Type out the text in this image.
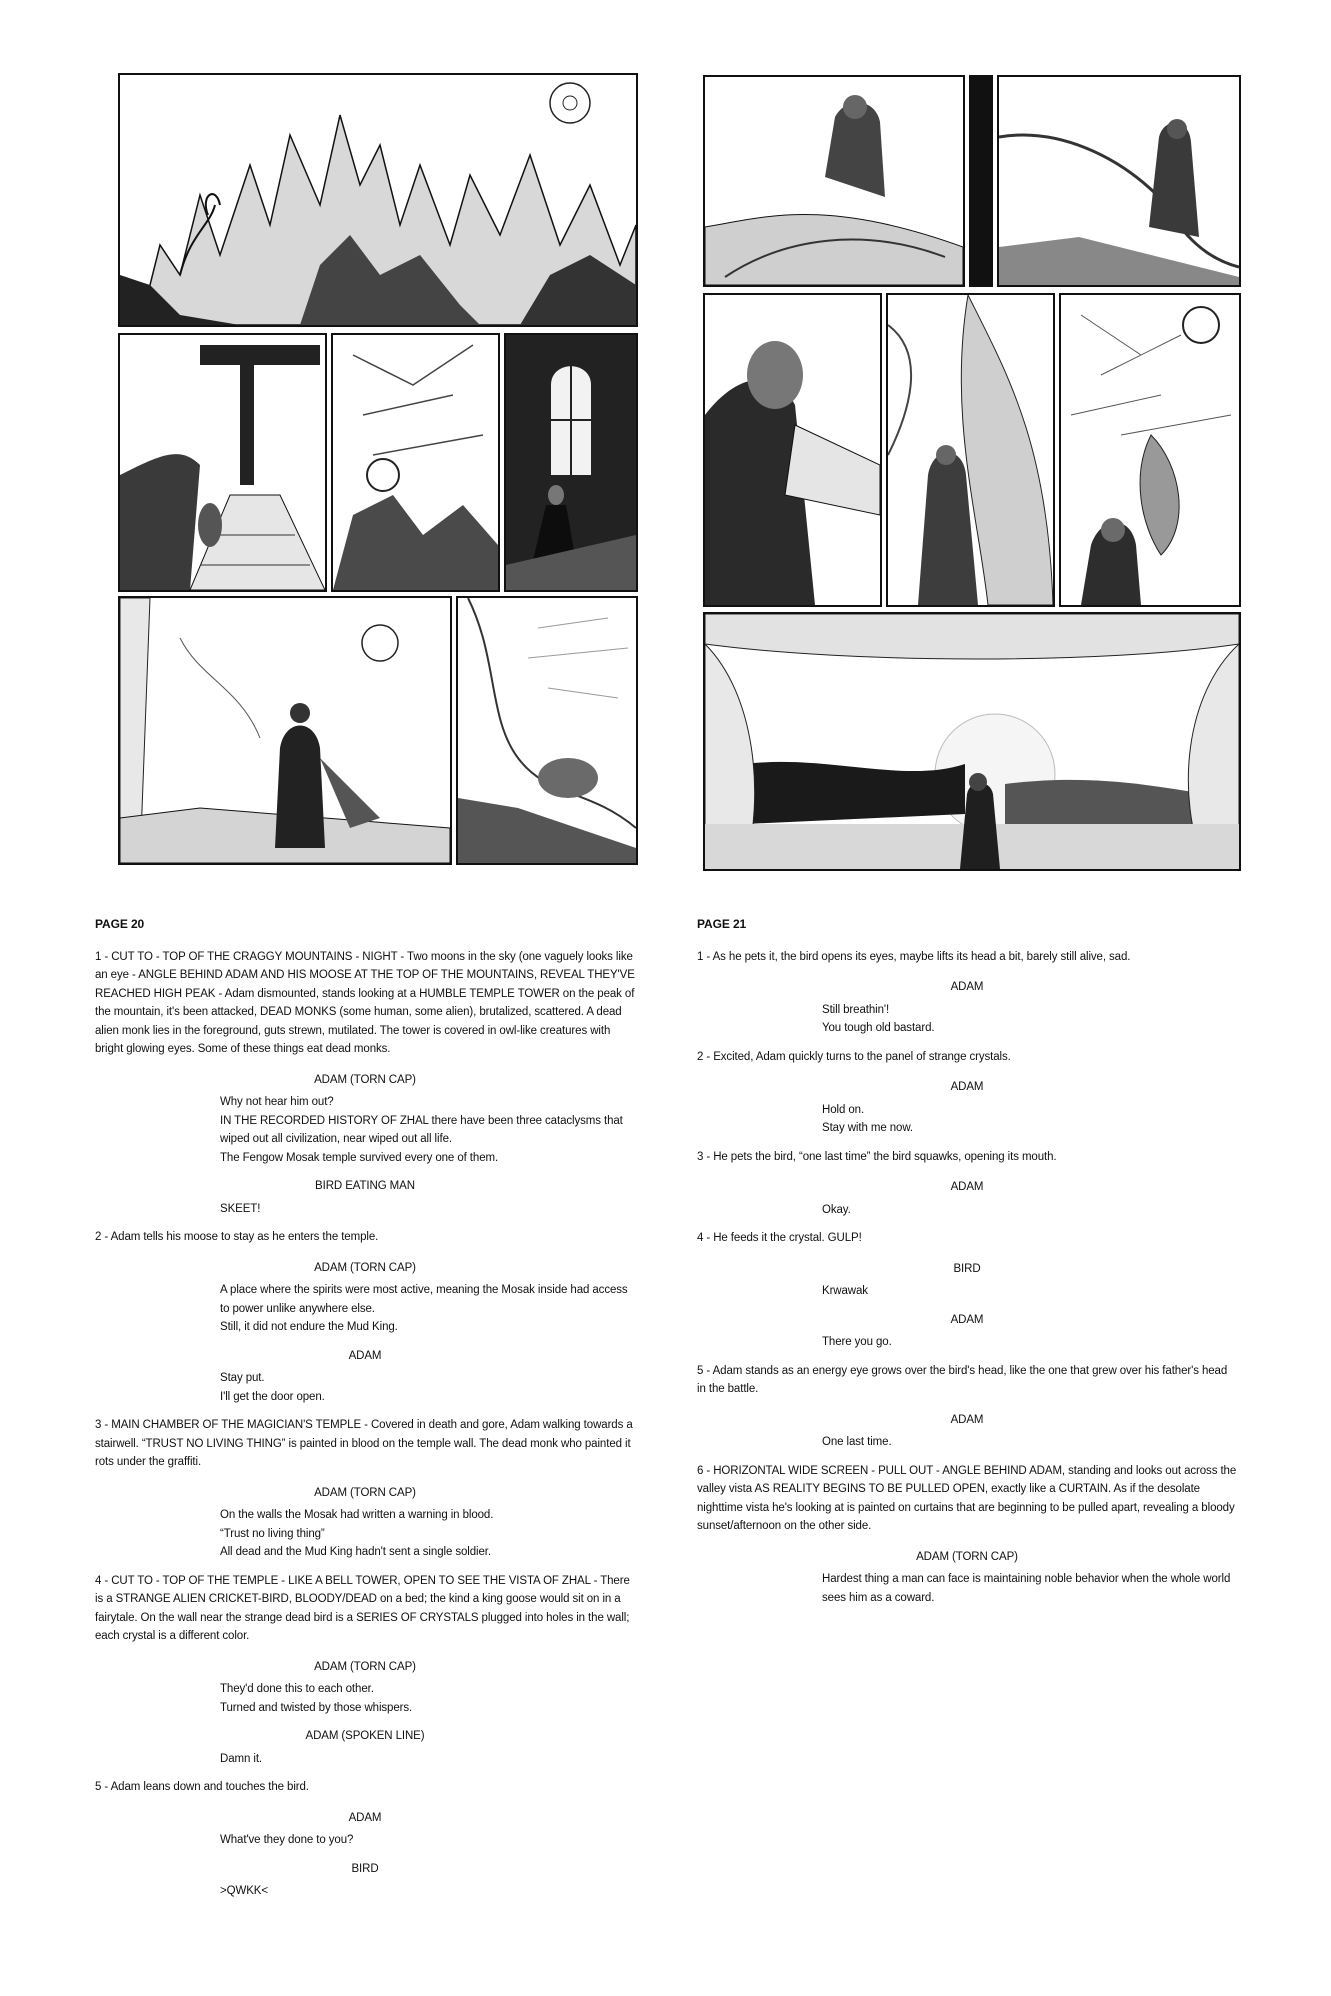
PAGE 20
1 - CUT TO - TOP OF THE CRAGGY MOUNTAINS - NIGHT - Two moons in the sky (one vaguely looks like an eye - ANGLE BEHIND ADAM AND HIS MOOSE AT THE TOP OF THE MOUNTAINS, REVEAL THEY'VE REACHED HIGH PEAK - Adam dismounted, stands looking at a HUMBLE TEMPLE TOWER on the peak of the mountain, it's been attacked, DEAD MONKS (some human, some alien), brutalized, scattered. A dead alien monk lies in the foreground, guts strewn, mutilated. The tower is covered in owl-like creatures with bright glowing eyes. Some of these things eat dead monks.
ADAM (TORN CAP)
Why not hear him out?
IN THE RECORDED HISTORY OF ZHAL there have been three cataclysms that wiped out all civilization, near wiped out all life.
The Fengow Mosak temple survived every one of them.
BIRD EATING MAN
SKEET!
2 - Adam tells his moose to stay as he enters the temple.
ADAM (TORN CAP)
A place where the spirits were most active, meaning the Mosak inside had access to power unlike anywhere else.
Still, it did not endure the Mud King.
ADAM
Stay put.
I'll get the door open.
3 - MAIN CHAMBER OF THE MAGICIAN'S TEMPLE - Covered in death and gore, Adam walking towards a stairwell. “TRUST NO LIVING THING” is painted in blood on the temple wall. The dead monk who painted it rots under the graffiti.
ADAM (TORN CAP)
On the walls the Mosak had written a warning in blood.
“Trust no living thing”
All dead and the Mud King hadn't sent a single soldier.
4 - CUT TO - TOP OF THE TEMPLE - LIKE A BELL TOWER, OPEN TO SEE THE VISTA OF ZHAL - There is a STRANGE ALIEN CRICKET-BIRD, BLOODY/DEAD on a bed; the kind a king goose would sit on in a fairytale. On the wall near the strange dead bird is a SERIES OF CRYSTALS plugged into holes in the wall; each crystal is a different color.
ADAM (TORN CAP)
They'd done this to each other.
Turned and twisted by those whispers.
ADAM (SPOKEN LINE)
Damn it.
5 - Adam leans down and touches the bird.
ADAM
What've they done to you?
BIRD
>QWKK<
PAGE 21
1 - As he pets it, the bird opens its eyes, maybe lifts its head a bit, barely still alive, sad.
ADAM
Still breathin'!
You tough old bastard.
2 - Excited, Adam quickly turns to the panel of strange crystals.
ADAM
Hold on.
Stay with me now.
3 - He pets the bird, “one last time” the bird squawks, opening its mouth.
ADAM
Okay.
4 - He feeds it the crystal. GULP!
BIRD
Krwawak
ADAM
There you go.
5 - Adam stands as an energy eye grows over the bird's head, like the one that grew over his father's head in the battle.
ADAM
One last time.
6 - HORIZONTAL WIDE SCREEN - PULL OUT - ANGLE BEHIND ADAM, standing and looks out across the valley vista AS REALITY BEGINS TO BE PULLED OPEN, exactly like a CURTAIN. As if the desolate nighttime vista he's looking at is painted on curtains that are beginning to be pulled apart, revealing a bloody sunset/afternoon on the other side.
ADAM (TORN CAP)
Hardest thing a man can face is maintaining noble behavior when the whole world sees him as a coward.
